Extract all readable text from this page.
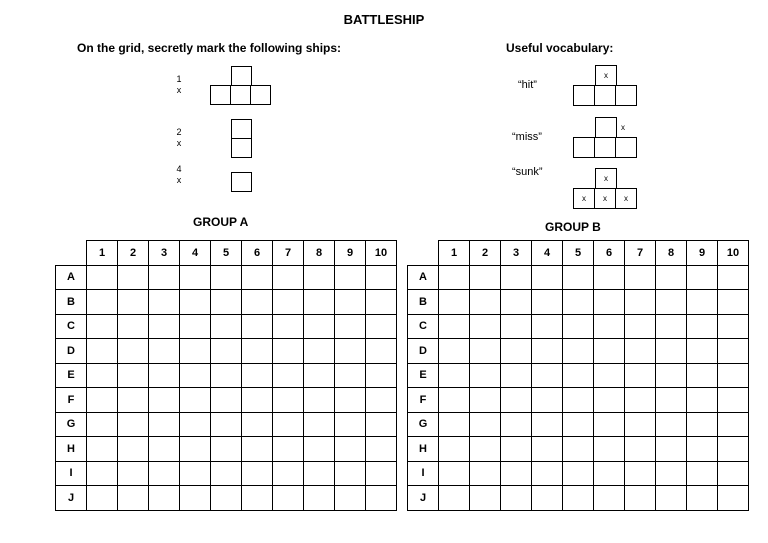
BATTLESHIP
On the grid, secretly mark the following ships:	Useful vocabulary:
1
x
2
x
4
x
“hit”
x
“miss”
x
“sunk”
x
x	x	x
GROUP A	GROUP B
	1	2	3	4	5	6	7	8	9	10
A										
B										
C										
D										
E										
F										
G										
H										
I										
J										
	1	2	3	4	5	6	7	8	9	10
A										
B										
C										
D										
E										
F										
G										
H										
I										
J										
